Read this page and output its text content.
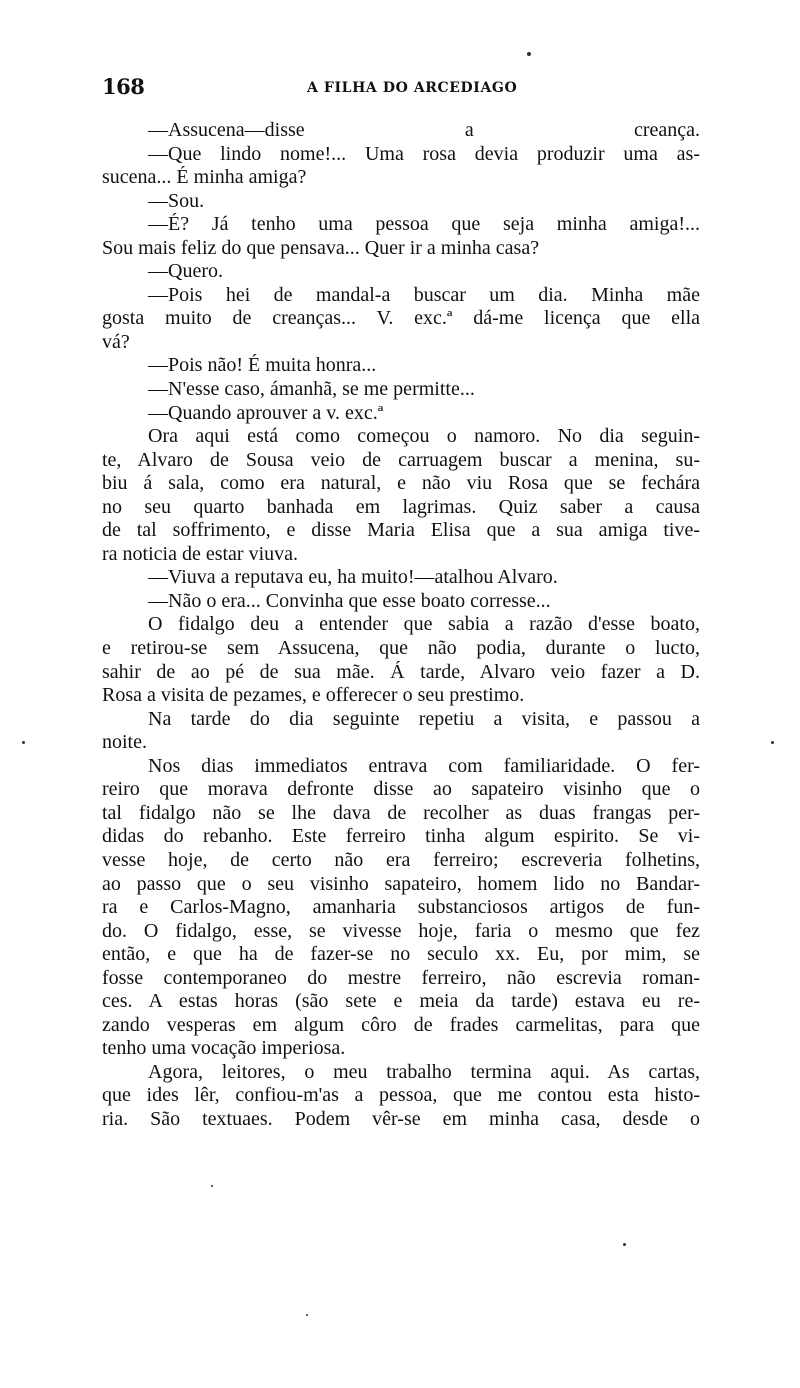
168	A FILHA DO ARCEDIAGO
—Assucena—disse a creança.
—Que lindo nome!... Uma rosa devia produzir uma as-
sucena... É minha amiga?
—Sou.
—É? Já tenho uma pessoa que seja minha amiga!...
Sou mais feliz do que pensava... Quer ir a minha casa?
—Quero.
—Pois hei de mandal-a buscar um dia. Minha mãe
gosta muito de creanças... V. exc.ª dá-me licença que ella
vá?
—Pois não! É muita honra...
—N'esse caso, ámanhã, se me permitte...
—Quando aprouver a v. exc.ª
Ora aqui está como começou o namoro. No dia seguin-
te, Alvaro de Sousa veio de carruagem buscar a menina, su-
biu á sala, como era natural, e não viu Rosa que se fechára
no seu quarto banhada em lagrimas. Quiz saber a causa
de tal soffrimento, e disse Maria Elisa que a sua amiga tive-
ra noticia de estar viuva.
—Viuva a reputava eu, ha muito!—atalhou Alvaro.
—Não o era... Convinha que esse boato corresse...
O fidalgo deu a entender que sabia a razão d'esse boato,
e retirou-se sem Assucena, que não podia, durante o lucto,
sahir de ao pé de sua mãe. Á tarde, Alvaro veio fazer a D.
Rosa a visita de pezames, e offerecer o seu prestimo.
Na tarde do dia seguinte repetiu a visita, e passou a
noite.
Nos dias immediatos entrava com familiaridade. O fer-
reiro que morava defronte disse ao sapateiro visinho que o
tal fidalgo não se lhe dava de recolher as duas frangas per-
didas do rebanho. Este ferreiro tinha algum espirito. Se vi-
vesse hoje, de certo não era ferreiro; escreveria folhetins,
ao passo que o seu visinho sapateiro, homem lido no Bandar-
ra e Carlos-Magno, amanharia substanciosos artigos de fun-
do. O fidalgo, esse, se vivesse hoje, faria o mesmo que fez
então, e que ha de fazer-se no seculo xx. Eu, por mim, se
fosse contemporaneo do mestre ferreiro, não escrevia roman-
ces. A estas horas (são sete e meia da tarde) estava eu re-
zando vesperas em algum côro de frades carmelitas, para que
tenho uma vocação imperiosa.
Agora, leitores, o meu trabalho termina aqui. As cartas,
que ides lêr, confiou-m'as a pessoa, que me contou esta histo-
ria. São textuaes. Podem vêr-se em minha casa, desde o
